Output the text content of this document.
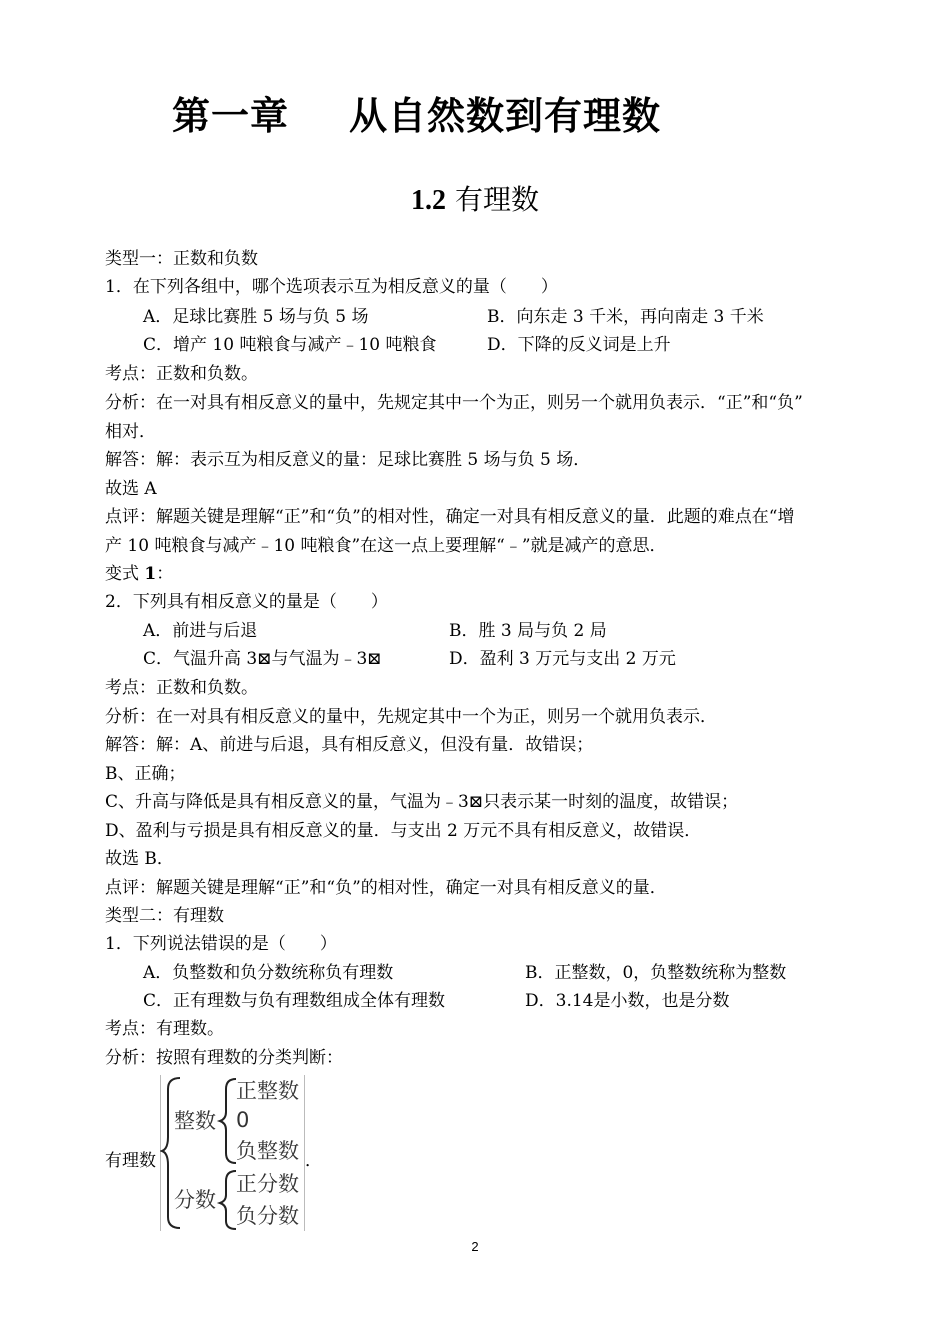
第一章 从自然数到有理数
1.2 有理数

类型一：正数和负数

1．在下列各组中，哪个选项表示互为相反意义的量（　　）

A．足球比赛胜 5 场与负 5 场	B．向东走 3 千米，再向南走 3 千米

C．增产 10 吨粮食与减产﹣10 吨粮食	D．下降的反义词是上升

考点：正数和负数。

分析：在一对具有相反意义的量中，先规定其中一个为正，则另一个就用负表示．“正”和“负”

相对．

解答：解：表示互为相反意义的量：足球比赛胜 5 场与负 5 场．

故选 A

点评：解题关键是理解“正”和“负”的相对性，确定一对具有相反意义的量．此题的难点在“增

产 10 吨粮食与减产﹣10 吨粮食”在这一点上要理解“﹣”就是减产的意思．

变式 1：

2．下列具有相反意义的量是（　　）

A．前进与后退	B．胜 3 局与负 2 局

C．气温升高 3⊠与气温为﹣3⊠	D．盈利 3 万元与支出 2 万元

考点：正数和负数。

分析：在一对具有相反意义的量中，先规定其中一个为正，则另一个就用负表示．

解答：解：A、前进与后退，具有相反意义，但没有量．故错误；

B、正确；

C、升高与降低是具有相反意义的量，气温为﹣3⊠只表示某一时刻的温度，故错误；

D、盈利与亏损是具有相反意义的量．与支出 2 万元不具有相反意义，故错误．

故选 B．

点评：解题关键是理解“正”和“负”的相对性，确定一对具有相反意义的量．

类型二：有理数

1．下列说法错误的是（　　）

A．负整数和负分数统称负有理数	B．正整数，0，负整数统称为整数

C．正有理数与负有理数组成全体有理数	D．3.14是小数，也是分数

考点：有理数。

分析：按照有理数的分类判断：

有理数

整数
正整数
0
负整数
分数
正分数
负分数

．

2
